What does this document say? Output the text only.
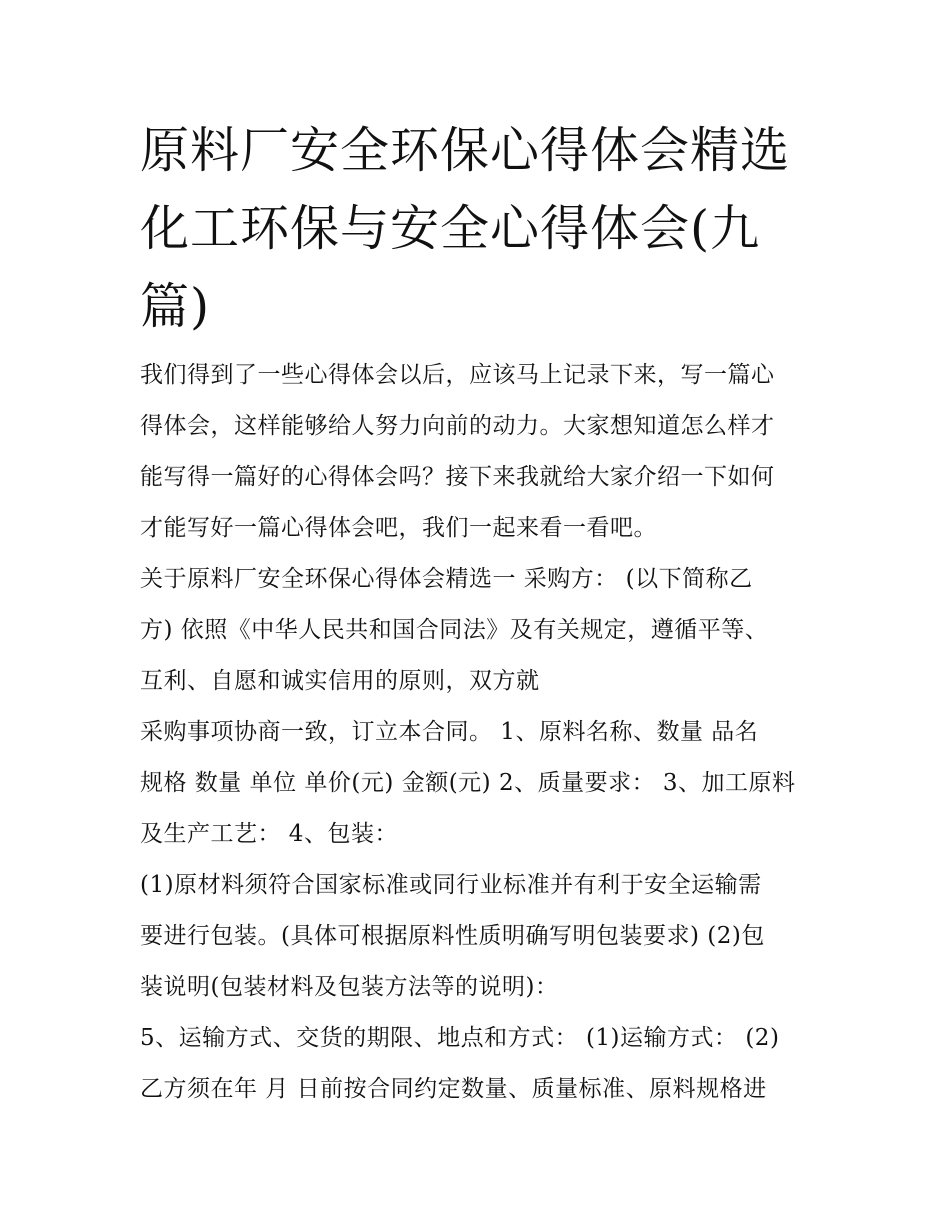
原料厂安全环保心得体会精选
化工环保与安全心得体会(九
篇)
我们得到了一些心得体会以后，应该马上记录下来，写一篇心
得体会，这样能够给人努力向前的动力。大家想知道怎么样才
能写得一篇好的心得体会吗？接下来我就给大家介绍一下如何
才能写好一篇心得体会吧，我们一起来看一看吧。
关于原料厂安全环保心得体会精选一 采购方： (以下简称乙
方) 依照《中华人民共和国合同法》及有关规定，遵循平等、
互利、自愿和诚实信用的原则，双方就
采购事项协商一致，订立本合同。 1、原料名称、数量 品名
规格 数量 单位 单价(元) 金额(元) 2、质量要求： 3、加工原料
及生产工艺： 4、包装：
(1)原材料须符合国家标准或同行业标准并有利于安全运输需
要进行包装。(具体可根据原料性质明确写明包装要求) (2)包
装说明(包装材料及包装方法等的说明)：
5、运输方式、交货的期限、地点和方式： (1)运输方式： (2)
乙方须在年 月 日前按合同约定数量、质量标准、原料规格进
